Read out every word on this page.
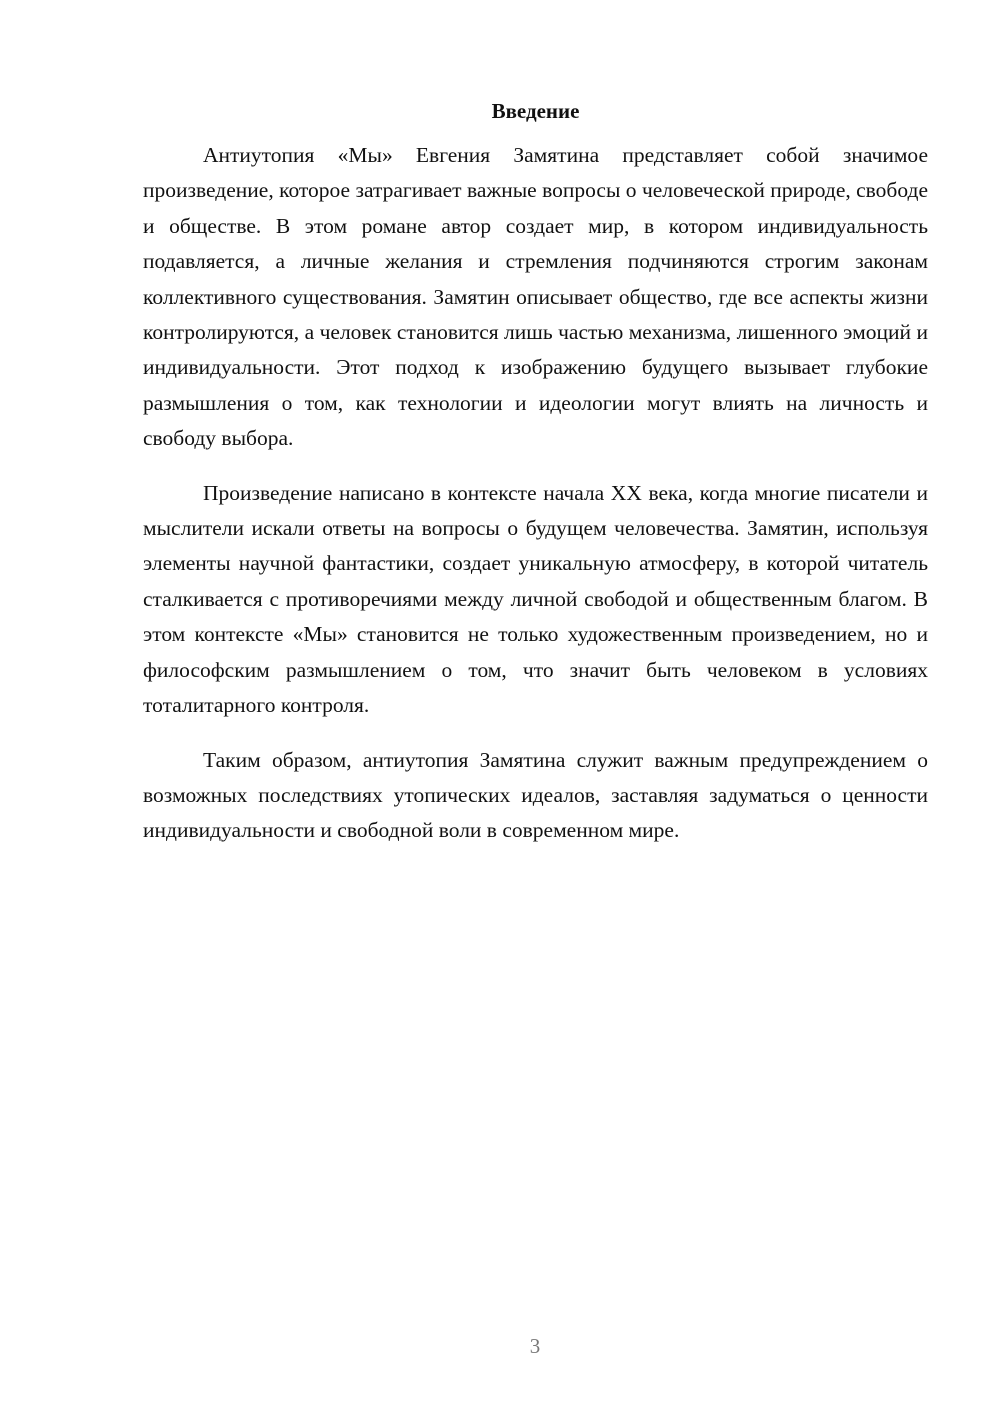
Введение

Антиутопия «Мы» Евгения Замятина представляет собой значимое произведение, которое затрагивает важные вопросы о человеческой природе, свободе и обществе. В этом романе автор создает мир, в котором индивидуальность подавляется, а личные желания и стремления подчиняются строгим законам коллективного существования. Замятин описывает общество, где все аспекты жизни контролируются, а человек становится лишь частью механизма, лишенного эмоций и индивидуальности. Этот подход к изображению будущего вызывает глубокие размышления о том, как технологии и идеологии могут влиять на личность и свободу выбора.

Произведение написано в контексте начала XX века, когда многие писатели и мыслители искали ответы на вопросы о будущем человечества. Замятин, используя элементы научной фантастики, создает уникальную атмосферу, в которой читатель сталкивается с противоречиями между личной свободой и общественным благом. В этом контексте «Мы» становится не только художественным произведением, но и философским размышлением о том, что значит быть человеком в условиях тоталитарного контроля.

Таким образом, антиутопия Замятина служит важным предупреждением о возможных последствиях утопических идеалов, заставляя задуматься о ценности индивидуальности и свободной воли в современном мире.

3
